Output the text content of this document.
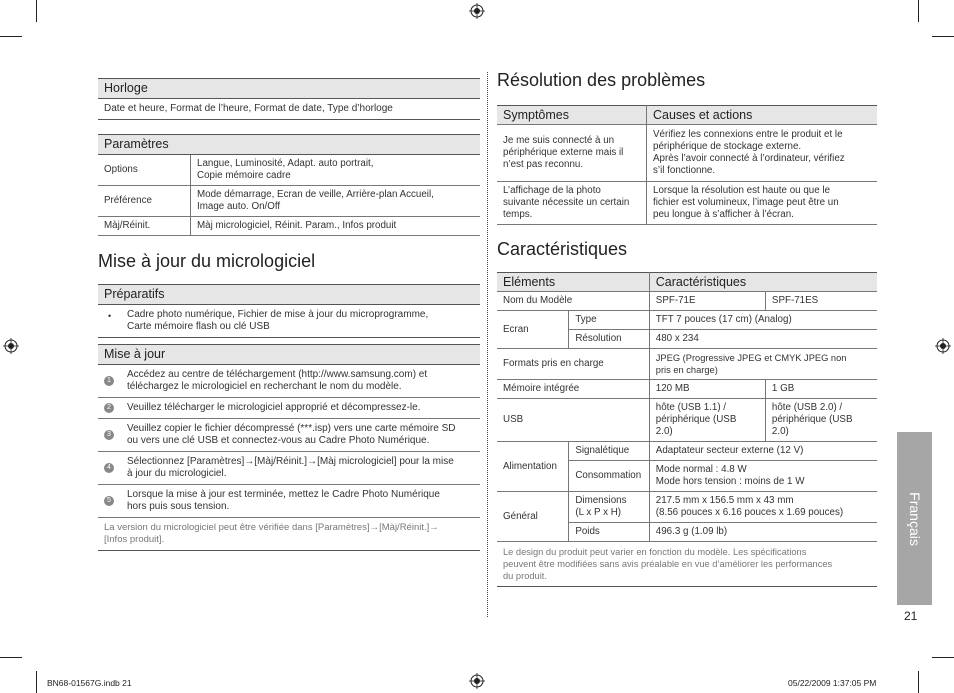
Horloge
Date et heure, Format de l’heure, Format de date, Type d’horloge
Paramètres
Options	Langue, Luminosité, Adapt. auto portrait,
Copie mémoire cadre
Préférence	Mode démarrage, Ecran de veille, Arrière-plan Accueil,
Image auto. On/Off
Màj/Réinit.	Màj micrologiciel, Réinit. Param., Infos produit
Mise à jour du micrologiciel
Préparatifs
• Cadre photo numérique, Fichier de mise à jour du microprogramme,
Carte mémoire flash ou clé USB
Mise à jour
1
Accédez au centre de téléchargement (http://www.samsung.com) et
téléchargez le micrologiciel en recherchant le nom du modèle.
2	Veuillez télécharger le micrologiciel approprié et décompressez-le.
3
Veuillez copier le fichier décompressé (***.isp) vers une carte mémoire SD
ou vers une clé USB et connectez-vous au Cadre Photo Numérique.
4
Sélectionnez [Paramètres]→[Màj/Réinit.]→[Màj micrologiciel] pour la mise
à jour du micrologiciel.
5
Lorsque la mise à jour est terminée, mettez le Cadre Photo Numérique
hors puis sous tension.
La version du micrologiciel peut être vérifiée dans [Paramètres]→[Màj/Réinit.]→
[Infos produit].
Résolution des problèmes
Symptômes	Causes et actions
Je me suis connecté à un
périphérique externe mais il
n’est pas reconnu.	Vérifiez les connexions entre le produit et le
périphérique de stockage externe.
Après l’avoir connecté à l’ordinateur, vérifiez
s’il fonctionne.
L’affichage de la photo
suivante nécessite un certain
temps.	Lorsque la résolution est haute ou que le
fichier est volumineux, l’image peut être un
peu longue à s’afficher à l’écran.
Caractéristiques
Eléments		Caractéristiques	
Nom du Modèle		SPF-71E	SPF-71ES
Ecran	Type	TFT 7 pouces (17 cm) (Analog)	
	Résolution	480 x 234	
Formats pris en charge		JPEG (Progressive JPEG et CMYK JPEG non
pris en charge)	
Mémoire intégrée		120 MB	1 GB
USB		hôte (USB 1.1) /
périphérique (USB
2.0)	hôte (USB 2.0) /
périphérique (USB
2.0)
Alimentation	Signalétique	Adaptateur secteur externe (12 V)	
	Consommation	Mode normal : 4.8 W
Mode hors tension : moins de 1 W	
Général	Dimensions
(L x P x H)	217.5 mm x 156.5 mm x 43 mm
(8.56 pouces x 6.16 pouces x 1.69 pouces)	
	Poids	496.3 g (1.09 lb)	
Le design du produit peut varier en fonction du modèle. Les spécifications
peuvent être modifiées sans avis préalable en vue d’améliorer les performances
du produit.
Français
21
BN68-01567G.indb 21	05/22/2009 1:37:05 PM
